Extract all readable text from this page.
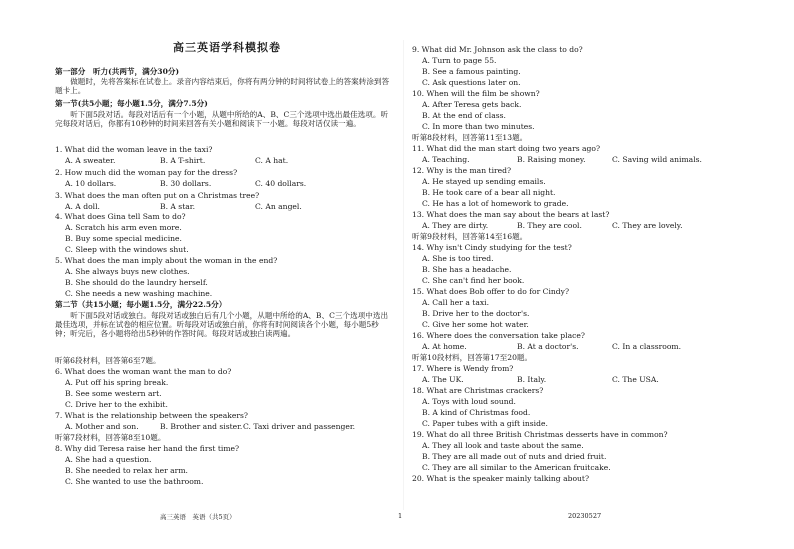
高三英语学科模拟卷
第一部分　听力(共两节，满分30分)
做题时，先将答案标在试卷上。录音内容结束后，你将有两分钟的时间将试卷上的答案转涂到答题卡上。
第一节(共5小题；每小题1.5分，满分7.5分)
听下面5段对话。每段对话后有一个小题，从题中所给的A、B、C三个选项中选出最佳选项。听完每段对话后，你都有10秒钟的时间来回答有关小题和阅读下一小题。每段对话仅读一遍。
1. What did the woman leave in the taxi?
A. A sweater.	B. A T-shirt.	C. A hat.
2. How much did the woman pay for the dress?
A. 10 dollars.	B. 30 dollars.	C. 40 dollars.
3. What does the man often put on a Christmas tree?
A. A doll.	B. A star.	C. An angel.
4. What does Gina tell Sam to do?
A. Scratch his arm even more.
B. Buy some special medicine.
C. Sleep with the windows shut.
5. What does the man imply about the woman in the end?
A. She always buys new clothes.
B. She should do the laundry herself.
C. She needs a new washing machine.
第二节（共15小题；每小题1.5分，满分22.5分）
听下面5段对话或独白。每段对话或独白后有几个小题，从题中所给的A、B、C三个选项中选出最佳选项，并标在试卷的相应位置。听每段对话或独白前，你将有时间阅读各个小题，每小题5秒钟；听完后，各小题将给出5秒钟的作答时间。每段对话或独白读两遍。
听第6段材料，回答第6至7题。
6. What does the woman want the man to do?
A. Put off his spring break.
B. See some western art.
C. Drive her to the exhibit.
7. What is the relationship between the speakers?
A. Mother and son.	B. Brother and sister. C. Taxi driver and passenger.
听第7段材料，回答第8至10题。
8. Why did Teresa raise her hand the first time?
A. She had a question.
B. She needed to relax her arm.
C. She wanted to use the bathroom.
9. What did Mr. Johnson ask the class to do?
A. Turn to page 55.
B. See a famous painting.
C. Ask questions later on.
10. When will the film be shown?
A. After Teresa gets back.
B. At the end of class.
C. In more than two minutes.
听第8段材料，回答第11至13题。
11. What did the man start doing two years ago?
A. Teaching.	B. Raising money.	C. Saving wild animals.
12. Why is the man tired?
A. He stayed up sending emails.
B. He took care of a bear all night.
C. He has a lot of homework to grade.
13. What does the man say about the bears at last?
A. They are dirty.	B. They are cool.	C. They are lovely.
听第9段材料，回答第14至16题。
14. Why isn't Cindy studying for the test?
A. She is too tired.
B. She has a headache.
C. She can't find her book.
15. What does Bob offer to do for Cindy?
A. Call her a taxi.
B. Drive her to the doctor's.
C. Give her some hot water.
16. Where does the conversation take place?
A. At home.	B. At a doctor's.	C. In a classroom.
听第10段材料，回答第17至20题。
17. Where is Wendy from?
A. The UK.	B. Italy.	C. The USA.
18. What are Christmas crackers?
A. Toys with loud sound.
B. A kind of Christmas food.
C. Paper tubes with a gift inside.
19. What do all three British Christmas desserts have in common?
A. They all look and taste about the same.
B. They are all made out of nuts and dried fruit.
C. They are all similar to the American fruitcake.
20. What is the speaker mainly talking about?
高三英语　英语（共5页）	1	20230527
